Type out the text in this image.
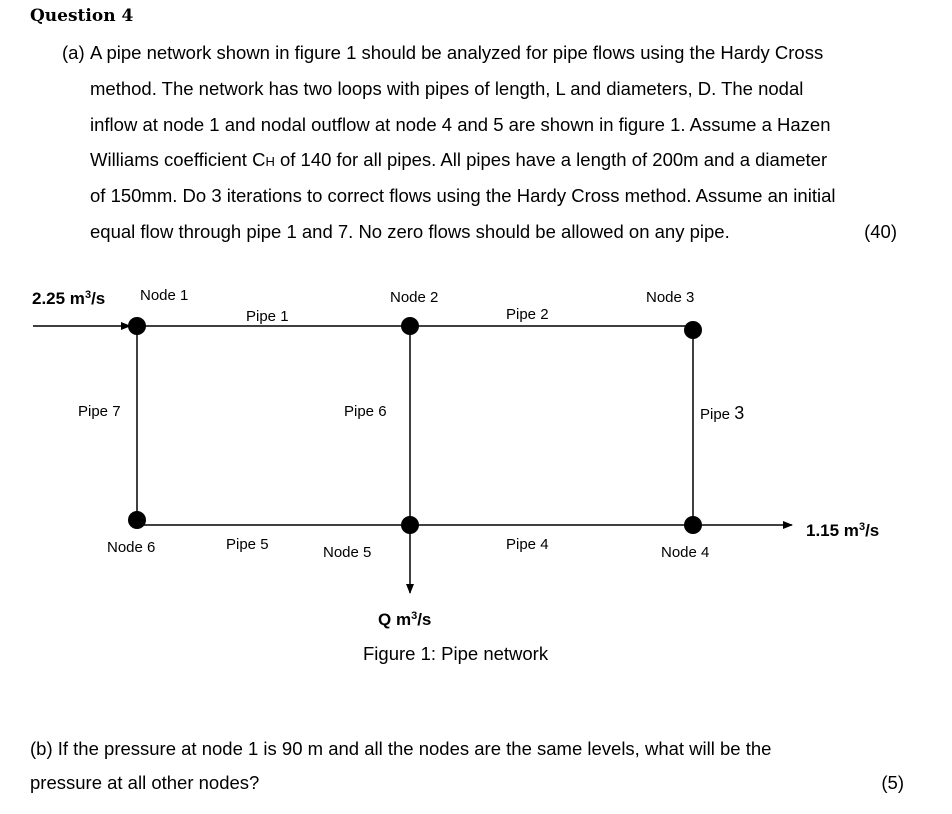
Question 4
(a) A pipe network shown in figure 1 should be analyzed for pipe flows using the Hardy Cross
method. The network has two loops with pipes of length, L and diameters, D. The nodal
inflow at node 1 and nodal outflow at node 4 and 5 are shown in figure 1. Assume a Hazen
Williams coefficient CH of 140 for all pipes. All pipes have a length of 200m and a diameter
of 150mm. Do 3 iterations to correct flows using the Hardy Cross method. Assume an initial
equal flow through pipe 1 and 7. No zero flows should be allowed on any pipe.	(40)
Node 1	Node 2	Node 3
Node 4
Node 5
Node 6
Pipe 1	Pipe 2
Pipe 3
Pipe 4
Pipe 5
Pipe 6
Pipe 7
2.25 $m^3/s$
1.15 $m^3/s$
Q $m^3/s$
Figure 1: Pipe network
(b) If the pressure at node 1 is 90 m and all the nodes are the same levels, what will be the
pressure at all other nodes?	(5)
